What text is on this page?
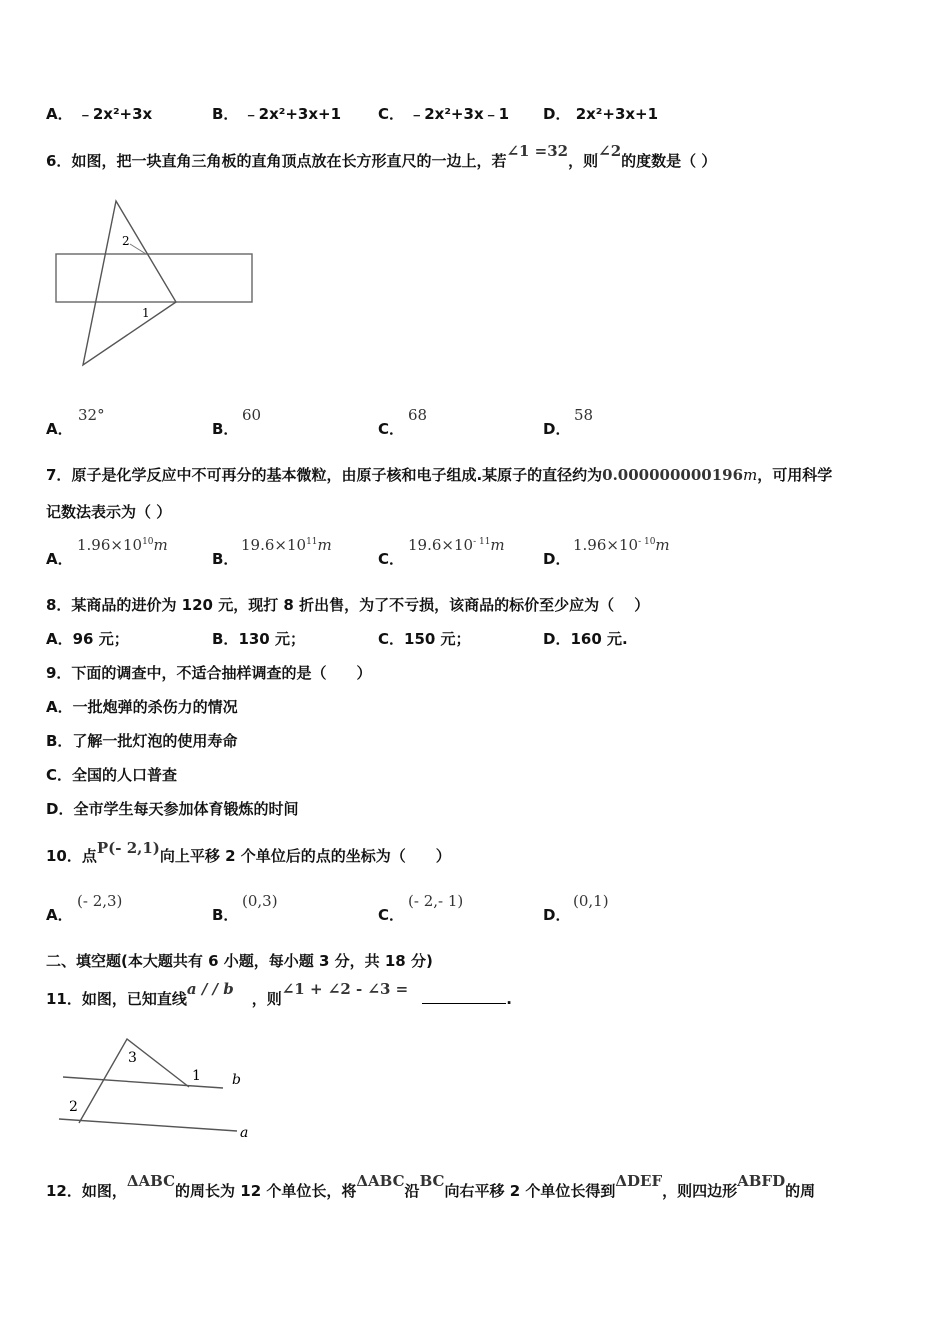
A． ﹣2x²+3x	B． ﹣2x²+3x+1 C． ﹣2x²+3x﹣1 D． 2x²+3x+1
6．如图，把一块直角三角板的直角顶点放在长方形直尺的一边上，若∠1 =32，则∠2的度数是（ ）
2
1
A．
32°
B．
60
C．
68
D．
58
7．原子是化学反应中不可再分的基本微粒，由原子核和电子组成.某原子的直径约为0.000000000196m，可用科学
记数法表示为（ ）
A．
$1.96\times 10^{10}m$
B．
$19.6\times 10^{11}m$
C．
$19.6\times 10^{- 11}m$
D．
$1.96\times 10^{- 10}m$
8．某商品的进价为 120 元，现打 8 折出售，为了不亏损，该商品的标价至少应为（　 ）
A．96 元；	B．130 元；	C．150 元；	D．160 元.
9．下面的调查中，不适合抽样调查的是（　　）
A．一批炮弹的杀伤力的情况
B．了解一批灯泡的使用寿命
C．全国的人口普查
D．全市学生每天参加体育锻炼的时间
10．点P(- 2,1)向上平移 2 个单位后的点的坐标为（　　）
A．
(- 2,3)
B．
(0,3)
C．
(- 2,- 1)
D．
(0,1)
二、填空题(本大题共有 6 小题，每小题 3 分，共 18 分)
11．如图，已知直线a / / b，则∠1 + ∠2 - ∠3 =.
3
1
2
b
a
12．如图，ΔABC的周长为 12 个单位长，将ΔABC沿BC向右平移 2 个单位长得到ΔDEF，则四边形ABFD的周
